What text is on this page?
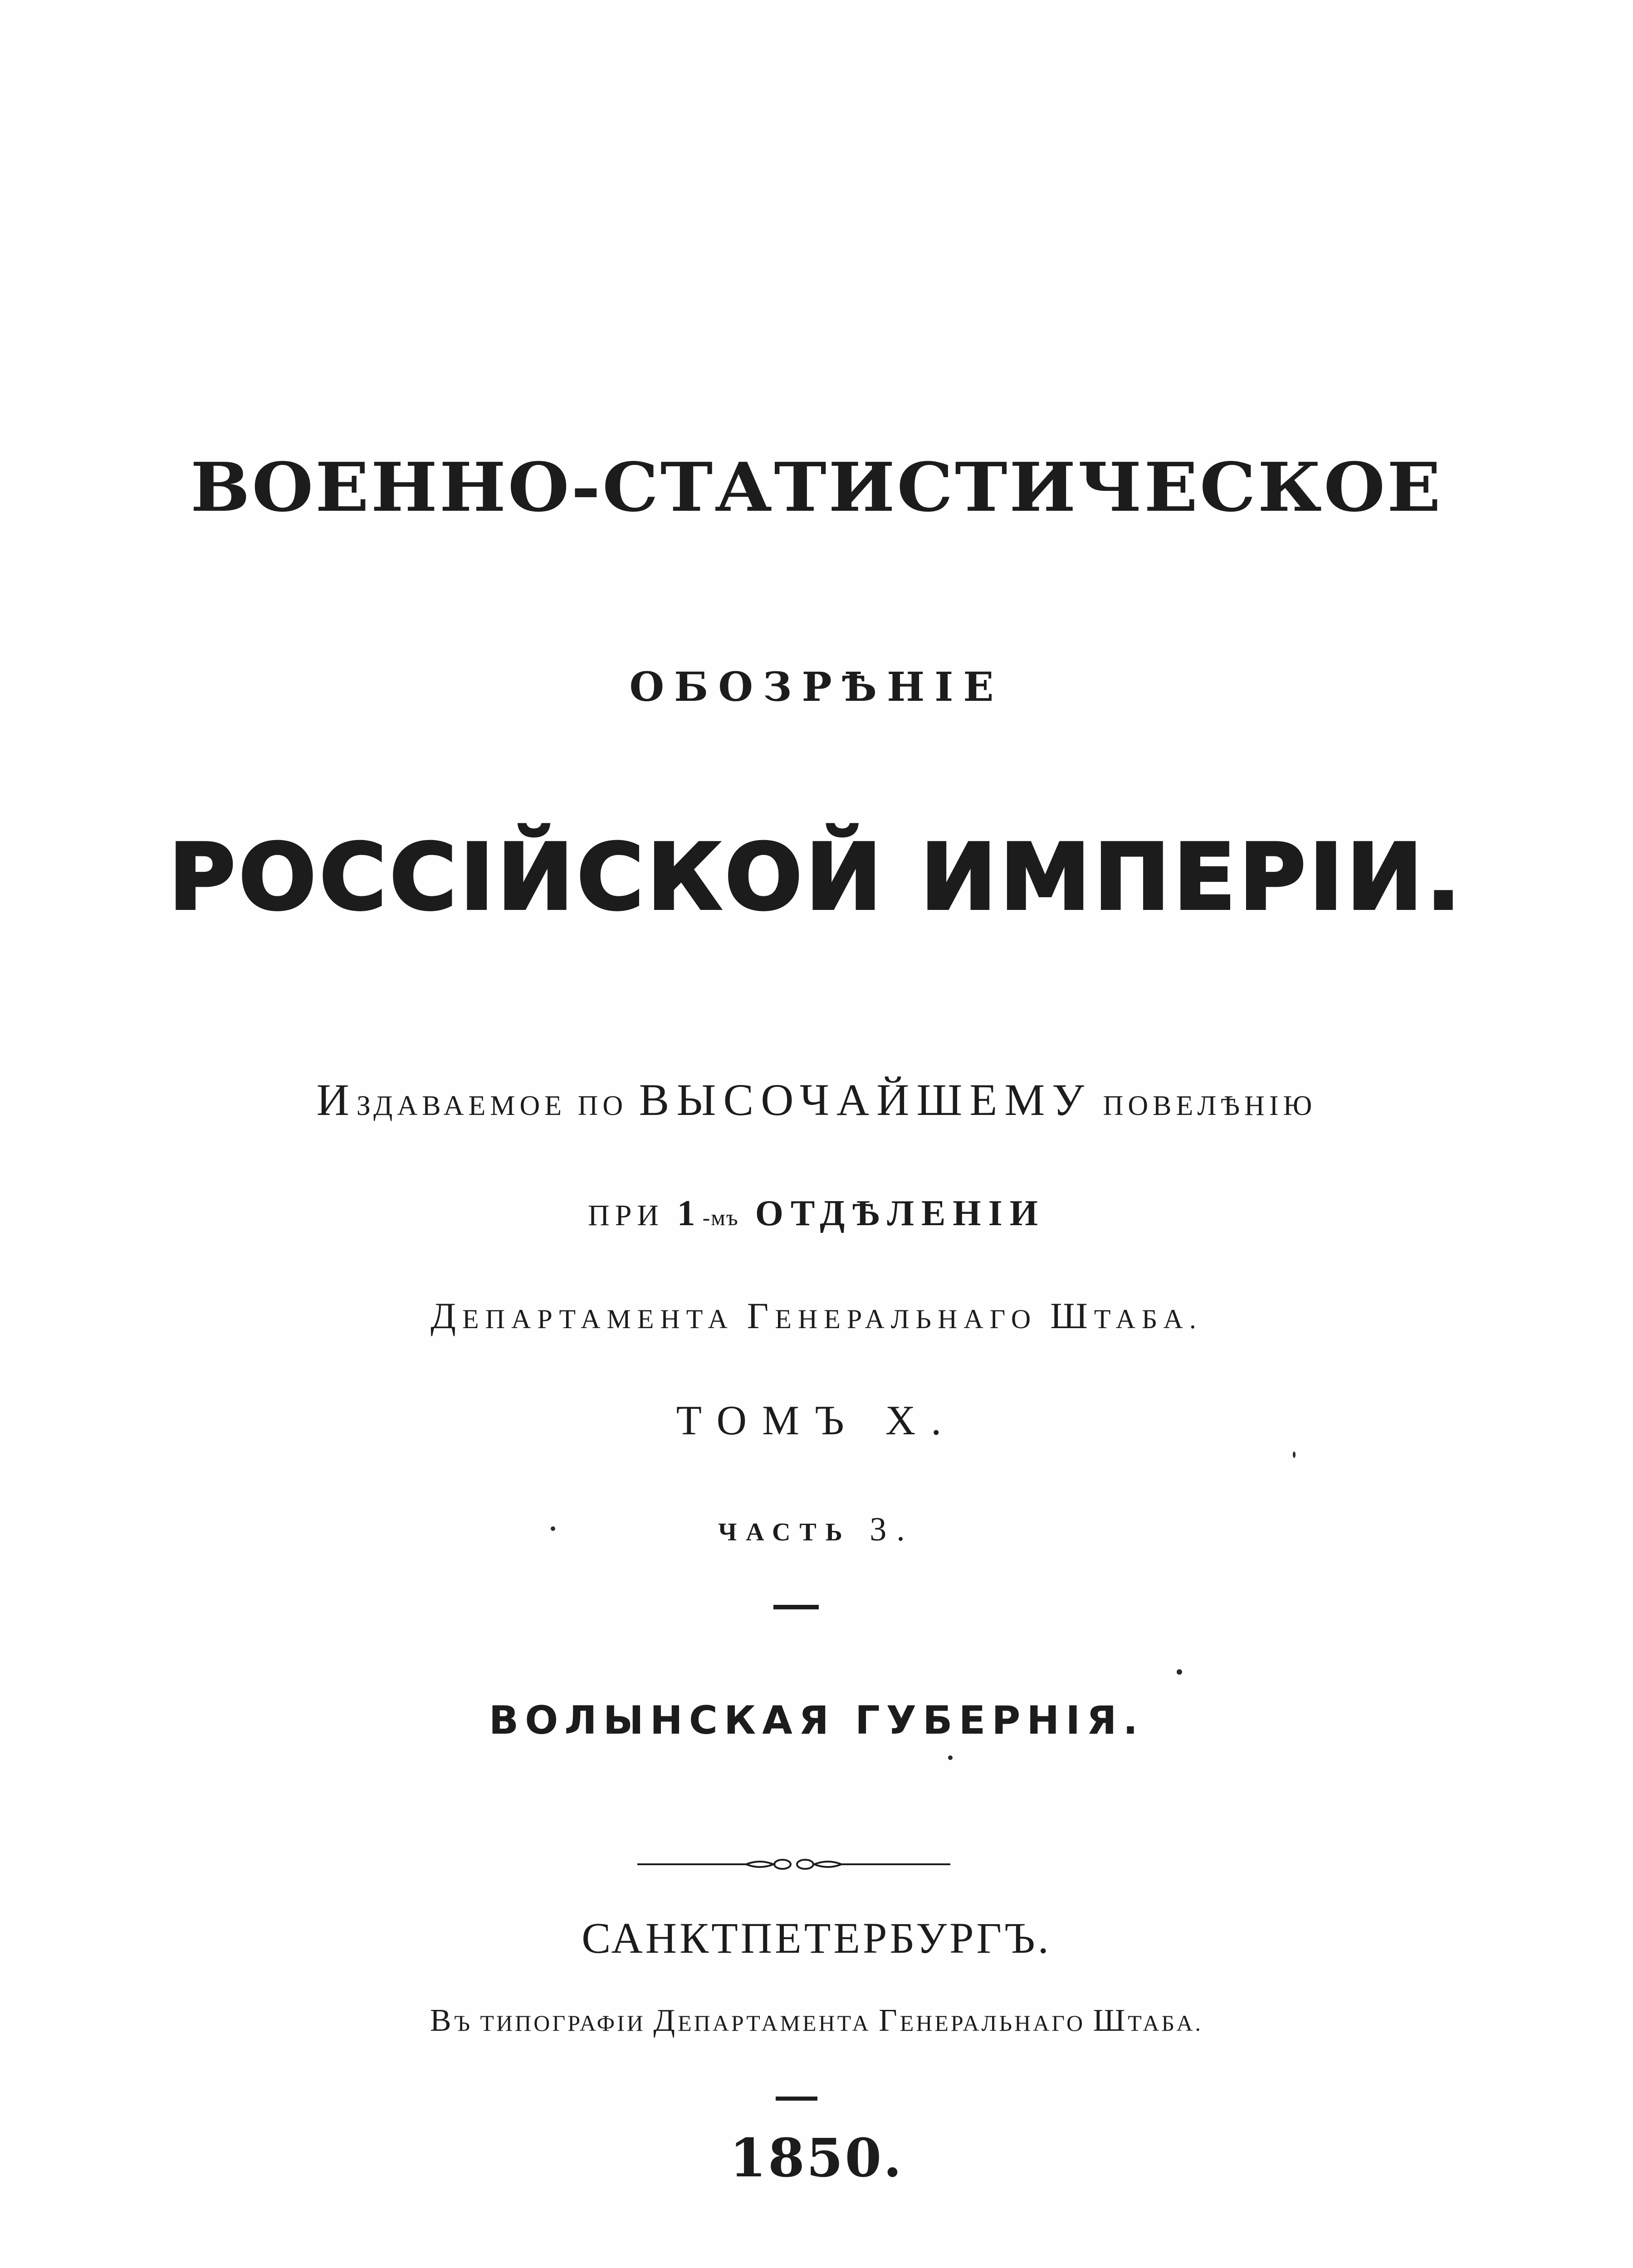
ВОЕННО-СТАТИСТИЧЕСКОЕ
ОБОЗРѢНІЕ
РОССІЙСКОЙ ИМПЕРІИ.
ИЗДАВАЕМОЕ ПО ВЫСОЧАЙШЕМУ ПОВЕЛѢНІЮ
ПРИ 1-мъ ОТДѢЛЕНІИ
ДЕПАРТАМЕНТА ГЕНЕРАЛЬНАГО ШТАБА.
ТОМЪ X.
ЧАСТЬ 3.
ВОЛЫНСКАЯ ГУБЕРНІЯ.
САНКТПЕТЕРБУРГЪ.
ВЪ ТИПОГРАФІИ ДЕПАРТАМЕНТА ГЕНЕРАЛЬНАГО ШТАБА.
1850.
